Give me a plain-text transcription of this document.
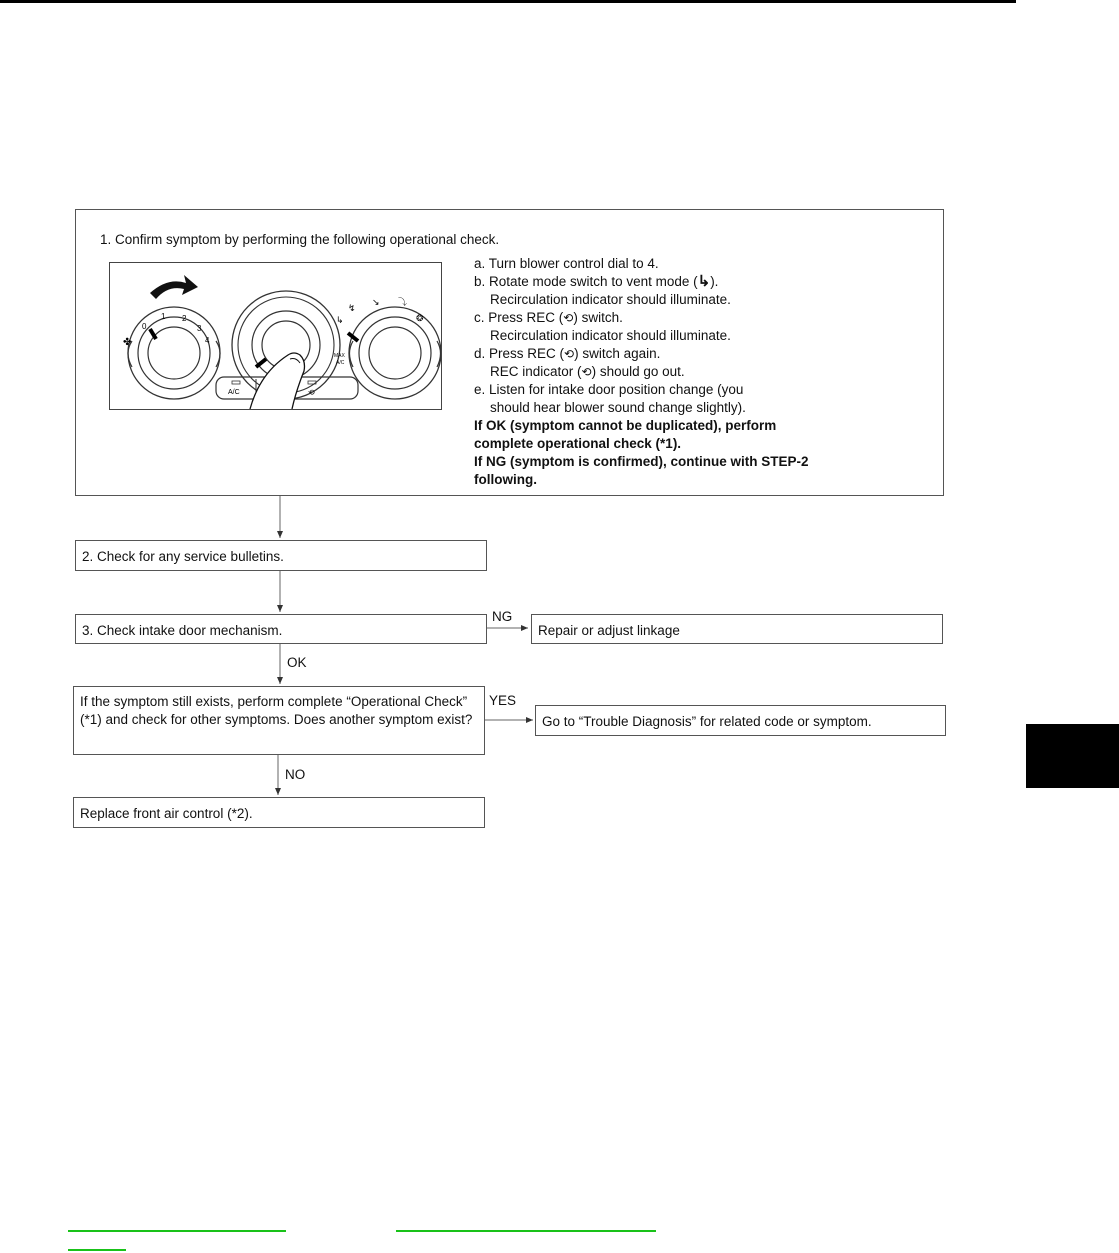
1. Confirm symptom by performing the following operational check.
0
1 2
3
4
✤
MAX
A/C
↳
↯
↘ ⤵
❂
A/C	⟲
a. Turn blower control dial to 4.
b. Rotate mode switch to vent mode (↳).
Recirculation indicator should illuminate.
c. Press REC (⟲) switch.
Recirculation indicator should illuminate.
d. Press REC (⟲) switch again.
REC indicator (⟲) should go out.
e. Listen for intake door position change (you
should hear blower sound change slightly).
If OK (symptom cannot be duplicated), perform
complete operational check (*1).
If NG (symptom is confirmed), continue with STEP-2
following.
2. Check for any service bulletins.
3. Check intake door mechanism.
NG
Repair or adjust linkage
OK
If the symptom still exists, perform complete “Operational Check” (*1) and check for other symptoms. Does another symptom exist?
YES
Go to “Trouble Diagnosis” for related code or symptom.
NO
Replace front air control (*2).
